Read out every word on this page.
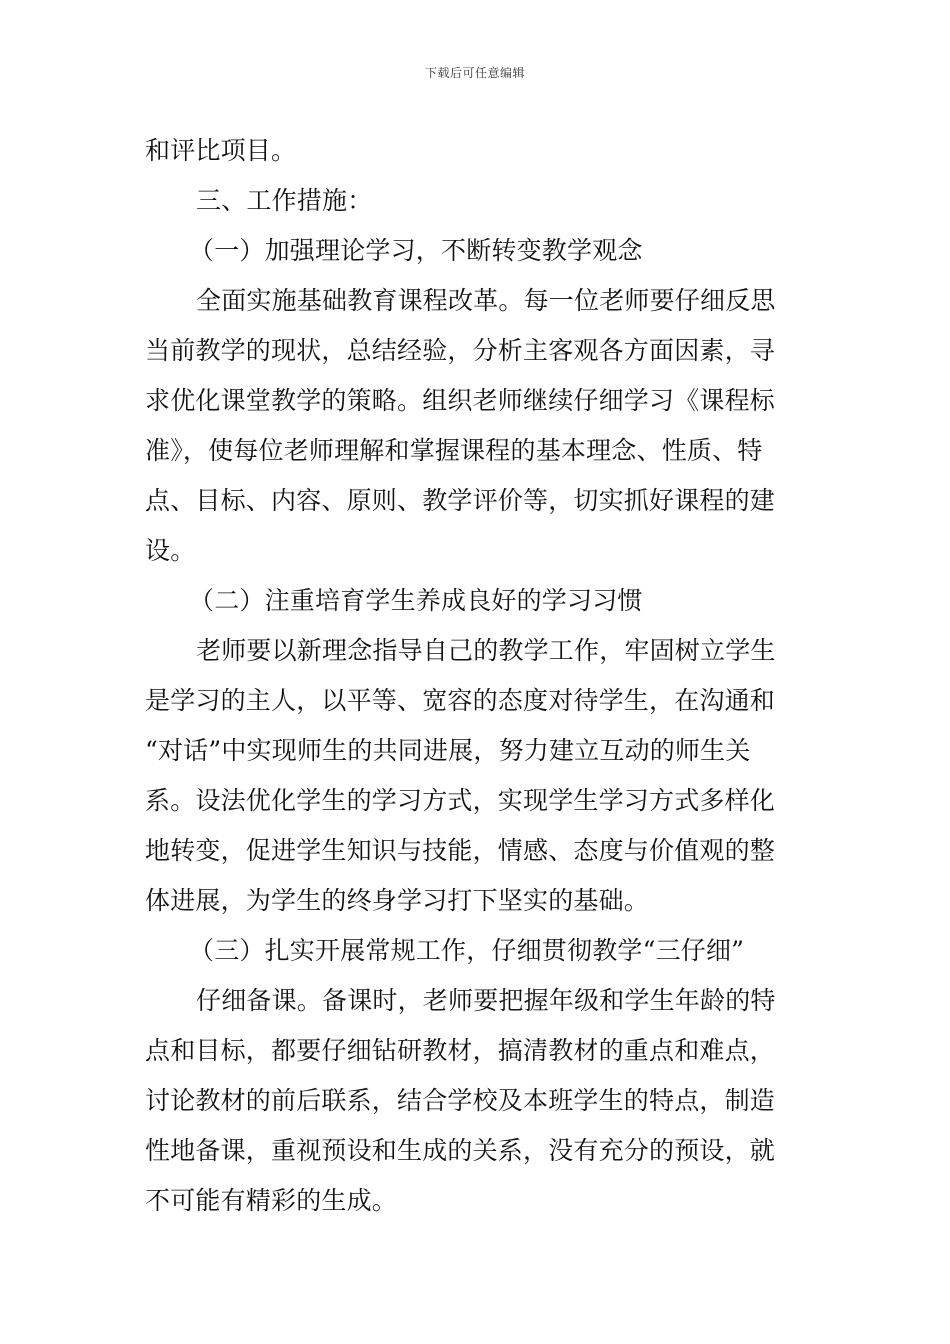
下载后可任意编辑
和评比项目。
三、工作措施：
（一）加强理论学习，不断转变教学观念
全面实施基础教育课程改革。每一位老师要仔细反思
当前教学的现状，总结经验，分析主客观各方面因素，寻
求优化课堂教学的策略。组织老师继续仔细学习《课程标
准》，使每位老师理解和掌握课程的基本理念、性质、特
点、目标、内容、原则、教学评价等，切实抓好课程的建
设。
（二）注重培育学生养成良好的学习习惯
老师要以新理念指导自己的教学工作，牢固树立学生
是学习的主人，以平等、宽容的态度对待学生，在沟通和
“对话”中实现师生的共同进展，努力建立互动的师生关
系。设法优化学生的学习方式，实现学生学习方式多样化
地转变，促进学生知识与技能，情感、态度与价值观的整
体进展，为学生的终身学习打下坚实的基础。
（三）扎实开展常规工作，仔细贯彻教学“三仔细”
仔细备课。备课时，老师要把握年级和学生年龄的特
点和目标，都要仔细钻研教材，搞清教材的重点和难点，
讨论教材的前后联系，结合学校及本班学生的特点，制造
性地备课，重视预设和生成的关系，没有充分的预设，就
不可能有精彩的生成。
